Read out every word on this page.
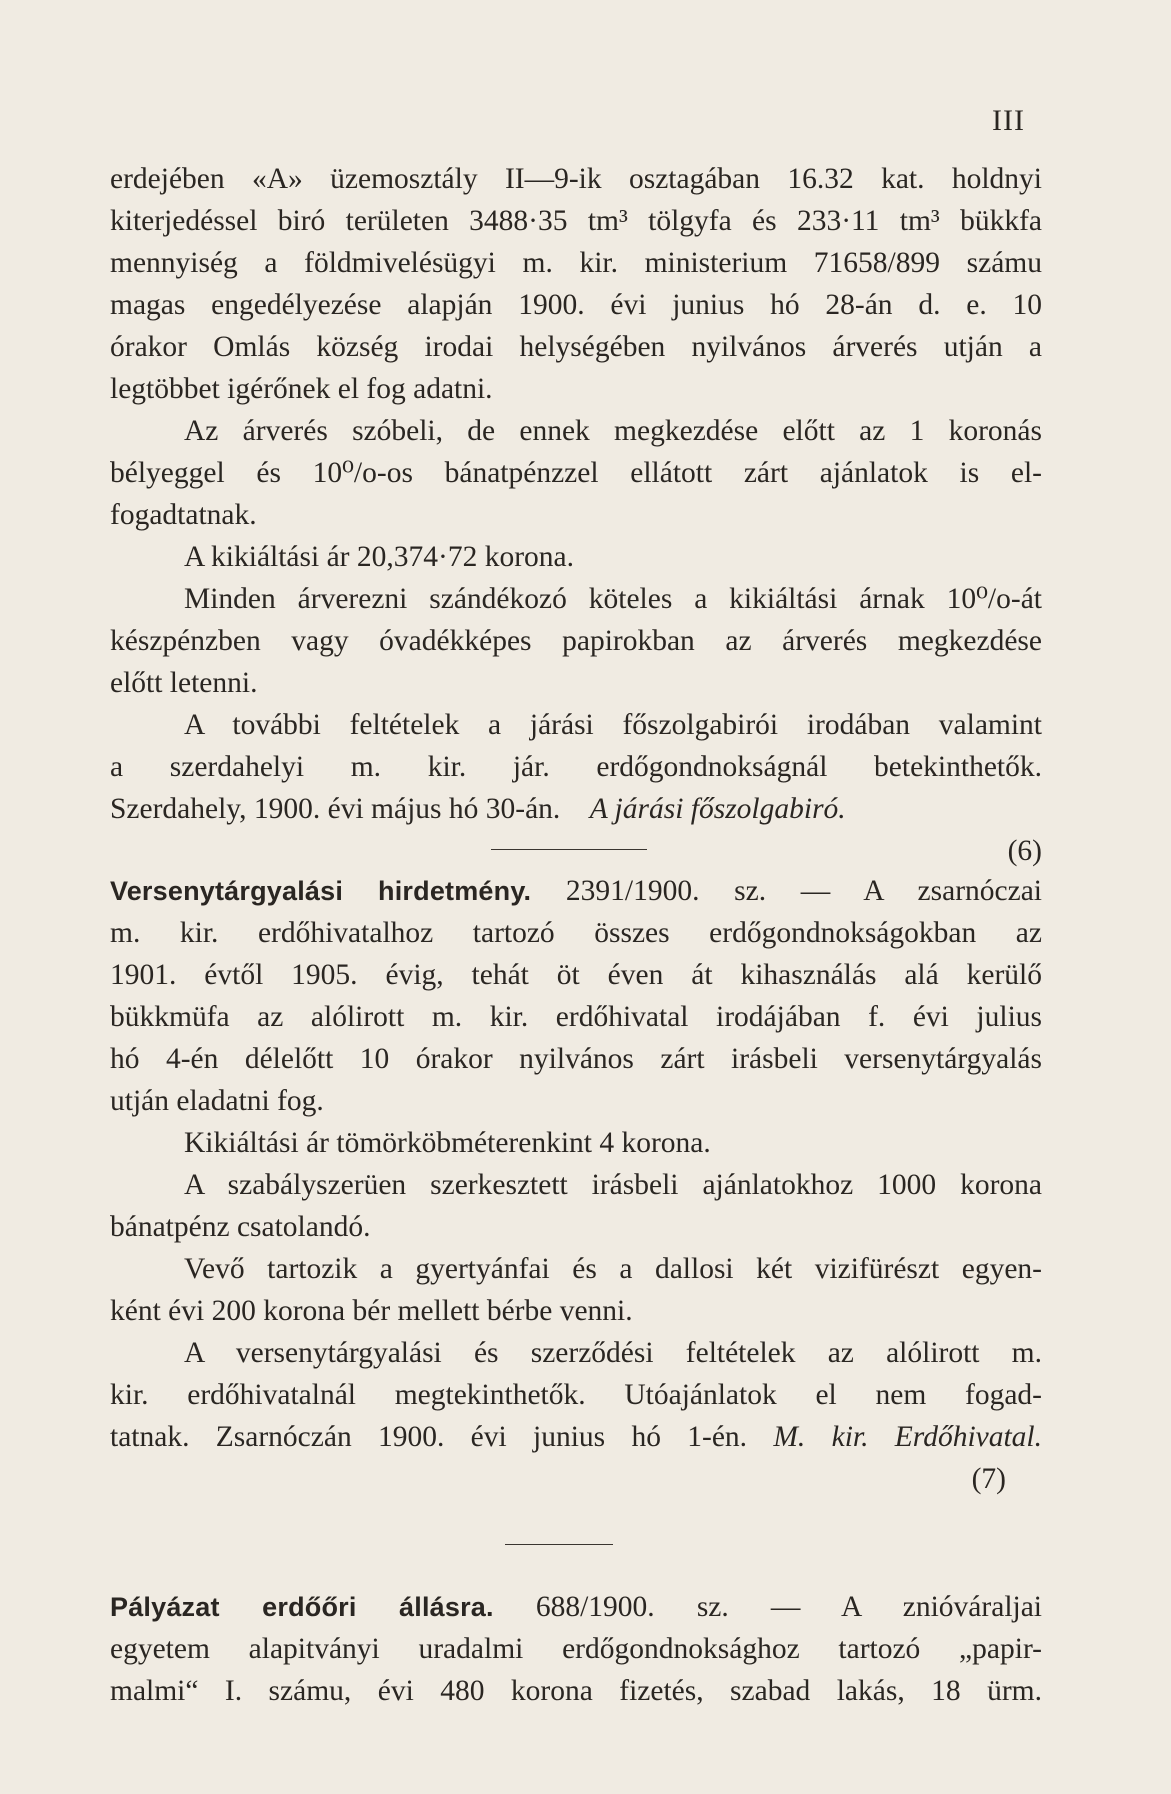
III
erdejében «A» üzemosztály II—9-ik osztagában 16.32 kat. holdnyi
kiterjedéssel biró területen 3488·35 tm³ tölgyfa és 233·11 tm³ bükkfa
mennyiség a földmivelésügyi m. kir. ministerium 71658/899 számu
magas engedélyezése alapján 1900. évi junius hó 28-án d. e. 10
órakor Omlás község irodai helységében nyilvános árverés utján a
legtöbbet igérőnek el fog adatni.
Az árverés szóbeli, de ennek megkezdése előtt az 1 koronás
bélyeggel és 10⁰/o-os bánatpénzzel ellátott zárt ajánlatok is el-
fogadtatnak.
A kikiáltási ár 20,374·72 korona.
Minden árverezni szándékozó köteles a kikiáltási árnak 10⁰/o-át
készpénzben vagy óvadékképes papirokban az árverés megkezdése
előtt letenni.
A további feltételek a járási főszolgabirói irodában valamint
a szerdahelyi m. kir. jár. erdőgondnokságnál betekinthetők.
Szerdahely, 1900. évi május hó 30-án. A járási főszolgabiró.
(6)
Versenytárgyalási hirdetmény. 2391/1900. sz. — A zsarnóczai
m. kir. erdőhivatalhoz tartozó összes erdőgondnokságokban az
1901. évtől 1905. évig, tehát öt éven át kihasználás alá kerülő
bükkmüfa az alólirott m. kir. erdőhivatal irodájában f. évi julius
hó 4-én délelőtt 10 órakor nyilvános zárt irásbeli versenytárgyalás
utján eladatni fog.
Kikiáltási ár tömörköbméterenkint 4 korona.
A szabályszerüen szerkesztett irásbeli ajánlatokhoz 1000 korona
bánatpénz csatolandó.
Vevő tartozik a gyertyánfai és a dallosi két vizifürészt egyen-
ként évi 200 korona bér mellett bérbe venni.
A versenytárgyalási és szerződési feltételek az alólirott m.
kir. erdőhivatalnál megtekinthetők. Utóajánlatok el nem fogad-
tatnak. Zsarnóczán 1900. évi junius hó 1-én. M. kir. Erdőhivatal.
(7)
Pályázat erdőőri állásra. 688/1900. sz. — A znióváraljai
egyetem alapitványi uradalmi erdőgondnoksághoz tartozó „papir-
malmi“ I. számu, évi 480 korona fizetés, szabad lakás, 18 ürm.
